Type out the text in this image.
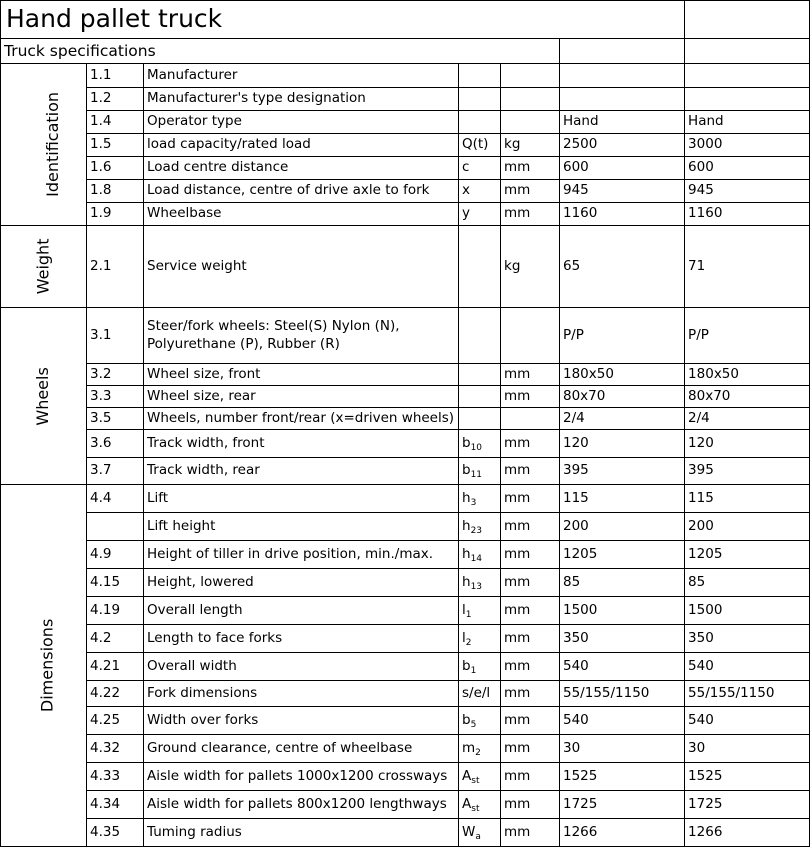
Hand pallet truck						
Truck specifications						
Identification	1.1	Manufacturer				
	1.2	Manufacturer's type designation				
	1.4	Operator type			Hand	Hand
	1.5	load capacity/rated load	Q(t)	kg	2500	3000
	1.6	Load centre distance	c	mm	600	600
	1.8	Load distance, centre of drive axle to fork	x	mm	945	945
	1.9	Wheelbase	y	mm	1160	1160
Weight	2.1	Service weight		kg	65	71
Wheels	3.1	Steer/fork wheels: Steel(S) Nylon (N), Polyurethane (P), Rubber (R)			P/P	P/P
	3.2	Wheel size, front		mm	180x50	180x50
	3.3	Wheel size, rear		mm	80x70	80x70
	3.5	Wheels, number front/rear (x=driven wheels)			2/4	2/4
	3.6	Track width, front	$b_{10}$	mm	120	120
	3.7	Track width, rear	$b_{11}$	mm	395	395
Dimensions	4.4	Lift	$h_3$	mm	115	115
		Lift height	$h_{23}$	mm	200	200
	4.9	Height of tiller in drive position, min./max.	$h_{14}$	mm	1205	1205
	4.15	Height, lowered	$h_{13}$	mm	85	85
	4.19	Overall length	$l_1$	mm	1500	1500
	4.2	Length to face forks	$l_2$	mm	350	350
	4.21	Overall width	$b_1$	mm	540	540
	4.22	Fork dimensions	s/e/l	mm	55/155/1150	55/155/1150
	4.25	Width over forks	$b_5$	mm	540	540
	4.32	Ground clearance, centre of wheelbase	$m_2$	mm	30	30
	4.33	Aisle width for pallets 1000x1200 crossways	$A_{st}$	mm	1525	1525
	4.34	Aisle width for pallets 800x1200 lengthways	$A_{st}$	mm	1725	1725
	4.35	Tuming radius	$W_a$	mm	1266	1266
